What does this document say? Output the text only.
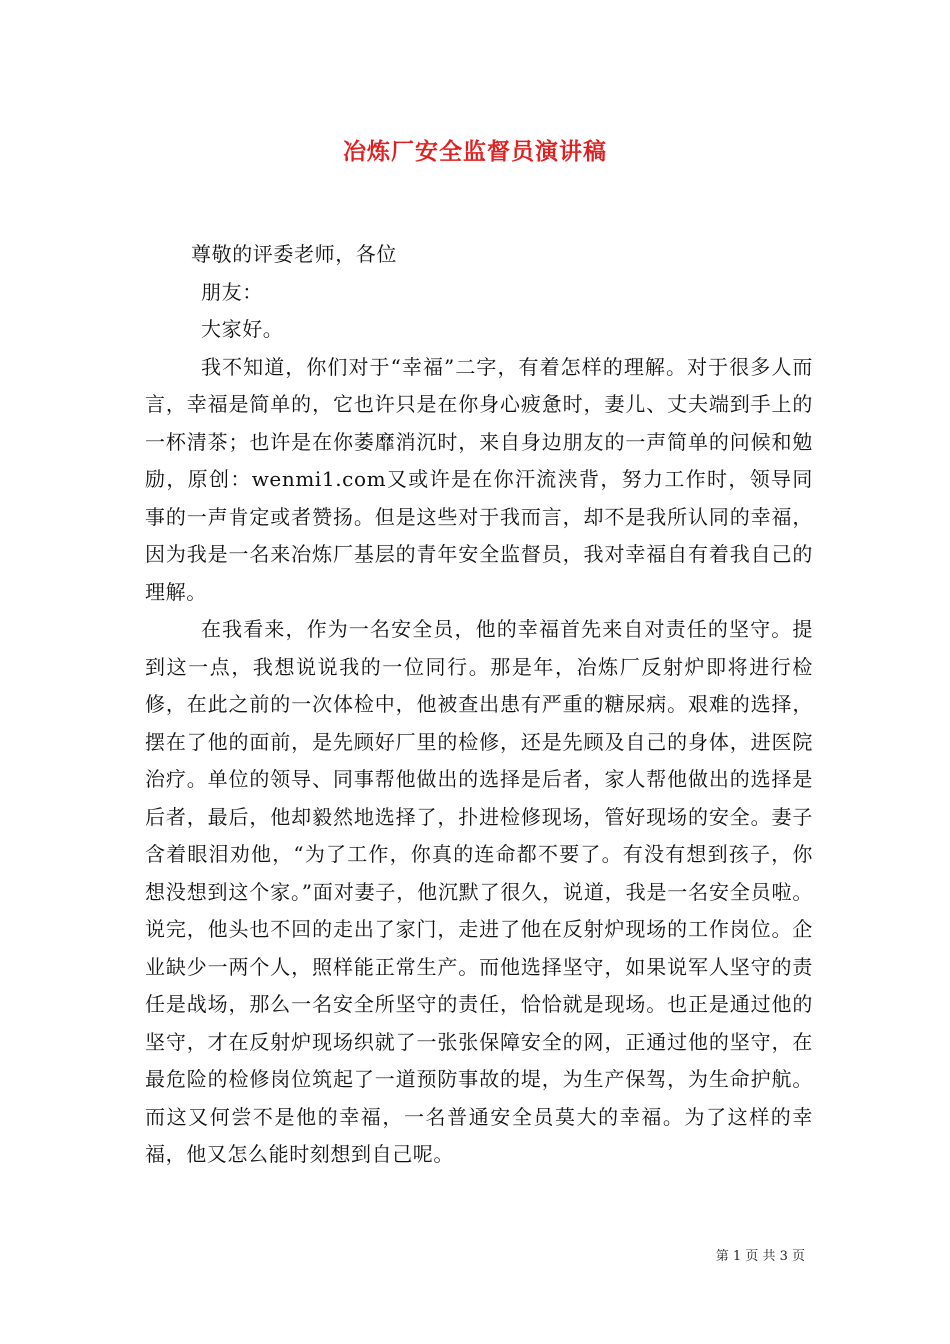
冶炼厂安全监督员演讲稿

尊敬的评委老师，各位

朋友：

大家好。

我不知道，你们对于“幸福”二字，有着怎样的理解。对于很多人而言，幸福是简单的，它也许只是在你身心疲惫时，妻儿、丈夫端到手上的一杯清茶；也许是在你萎靡消沉时，来自身边朋友的一声简单的问候和勉励，原创：wenmi1.com又或许是在你汗流浃背，努力工作时，领导同事的一声肯定或者赞扬。但是这些对于我而言，却不是我所认同的幸福，因为我是一名来冶炼厂基层的青年安全监督员，我对幸福自有着我自己的理解。

在我看来，作为一名安全员，他的幸福首先来自对责任的坚守。提到这一点，我想说说我的一位同行。那是年，冶炼厂反射炉即将进行检修，在此之前的一次体检中，他被查出患有严重的糖尿病。艰难的选择，摆在了他的面前，是先顾好厂里的检修，还是先顾及自己的身体，进医院治疗。单位的领导、同事帮他做出的选择是后者，家人帮他做出的选择是后者，最后，他却毅然地选择了，扑进检修现场，管好现场的安全。妻子含着眼泪劝他，“为了工作，你真的连命都不要了。有没有想到孩子，你想没想到这个家。”面对妻子，他沉默了很久，说道，我是一名安全员啦。说完，他头也不回的走出了家门，走进了他在反射炉现场的工作岗位。企业缺少一两个人，照样能正常生产。而他选择坚守，如果说军人坚守的责任是战场，那么一名安全所坚守的责任，恰恰就是现场。也正是通过他的坚守，才在反射炉现场织就了一张张保障安全的网，正通过他的坚守，在最危险的检修岗位筑起了一道预防事故的堤，为生产保驾，为生命护航。而这又何尝不是他的幸福，一名普通安全员莫大的幸福。为了这样的幸福，他又怎么能时刻想到自己呢。

第 1 页 共 3 页
